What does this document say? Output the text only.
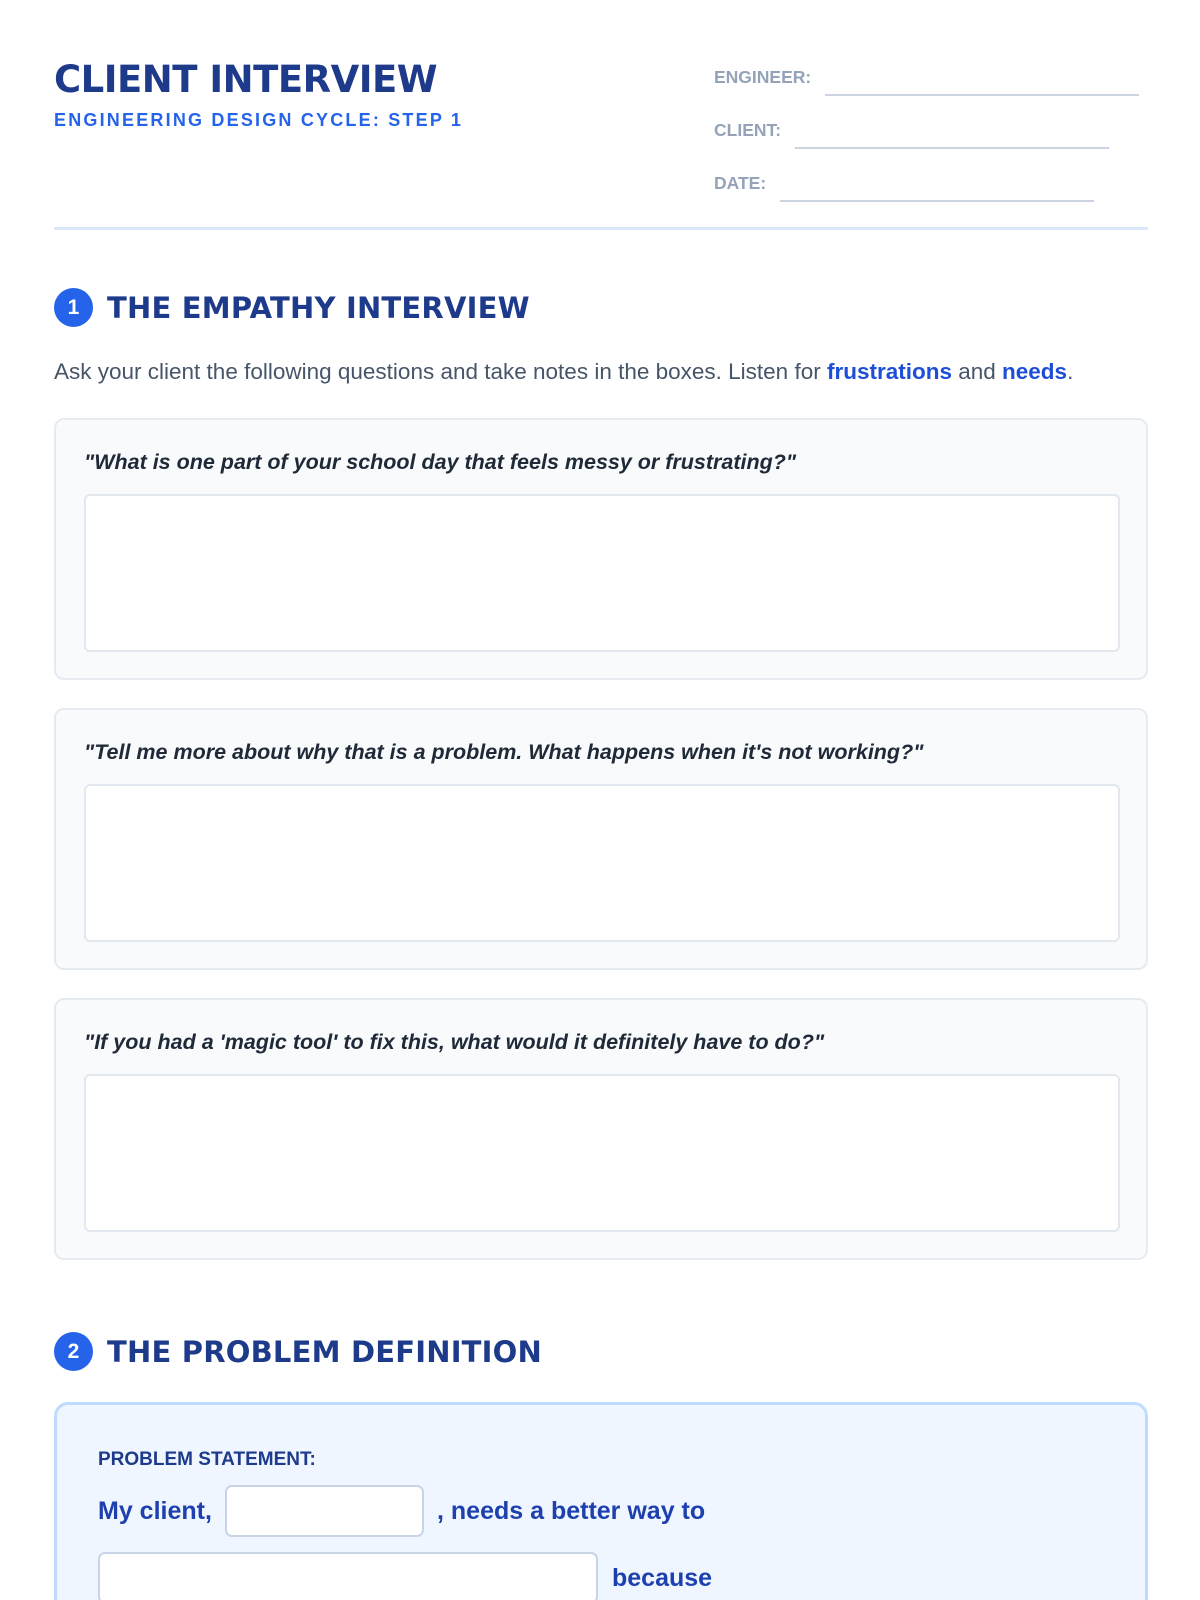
CLIENT INTERVIEW
ENGINEERING DESIGN CYCLE: STEP 1
ENGINEER:
CLIENT:
DATE:
1 THE EMPATHY INTERVIEW

Ask your client the following questions and take notes in the boxes. Listen for frustrations and needs.

"What is one part of your school day that feels messy or frustrating?"
"Tell me more about why that is a problem. What happens when it's not working?"
"If you had a 'magic tool' to fix this, what would it definitely have to do?"
2 THE PROBLEM DEFINITION
PROBLEM STATEMENT:
My client,	, needs a better way to
because
